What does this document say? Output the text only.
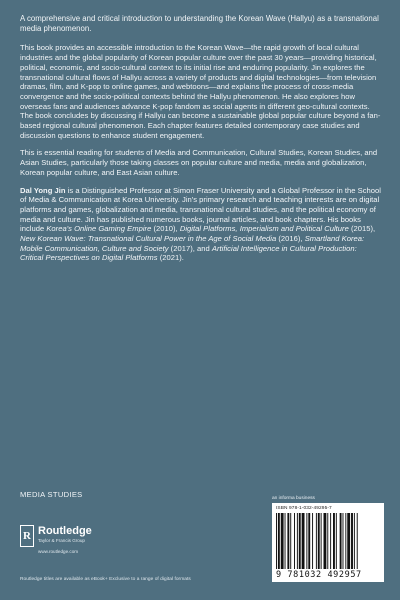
A comprehensive and critical introduction to understanding the Korean Wave (Hallyu) as a transnational media phenomenon.

This book provides an accessible introduction to the Korean Wave—the rapid growth of local cultural industries and the global popularity of Korean popular culture over the past 30 years—providing historical, political, economic, and socio-cultural context to its initial rise and enduring popularity. Jin explores the transnational cultural flows of Hallyu across a variety of products and digital technologies—from television dramas, film, and K-pop to online games, and webtoons—and explains the process of cross-media convergence and the socio-political contexts behind the Hallyu phenomenon. He also explores how overseas fans and audiences advance K-pop fandom as social agents in different geo-cultural contexts. The book concludes by discussing if Hallyu can become a sustainable global popular culture beyond a fan-based regional cultural phenomenon. Each chapter features detailed contemporary case studies and discussion questions to enhance student engagement.

This is essential reading for students of Media and Communication, Cultural Studies, Korean Studies, and Asian Studies, particularly those taking classes on popular culture and media, media and globalization, Korean popular culture, and East Asian culture.

Dal Yong Jin is a Distinguished Professor at Simon Fraser University and a Global Professor in the School of Media & Communication at Korea University. Jin's primary research and teaching interests are on digital platforms and games, globalization and media, transnational cultural studies, and the political economy of media and culture. Jin has published numerous books, journal articles, and book chapters. His books include Korea's Online Gaming Empire (2010), Digital Platforms, Imperialism and Political Culture (2015), New Korean Wave: Transnational Cultural Power in the Age of Social Media (2016), Smartland Korea: Mobile Communication, Culture and Society (2017), and Artificial Intelligence in Cultural Production: Critical Perspectives on Digital Platforms (2021).

MEDIA STUDIES
R Routledge
Taylor & Francis Group
www.routledge.com
Routledge titles are available as eBook+ Exclusive to a range of digital formats
an informa business
ISBN 978-1-032-49295-7
9 781032 492957
